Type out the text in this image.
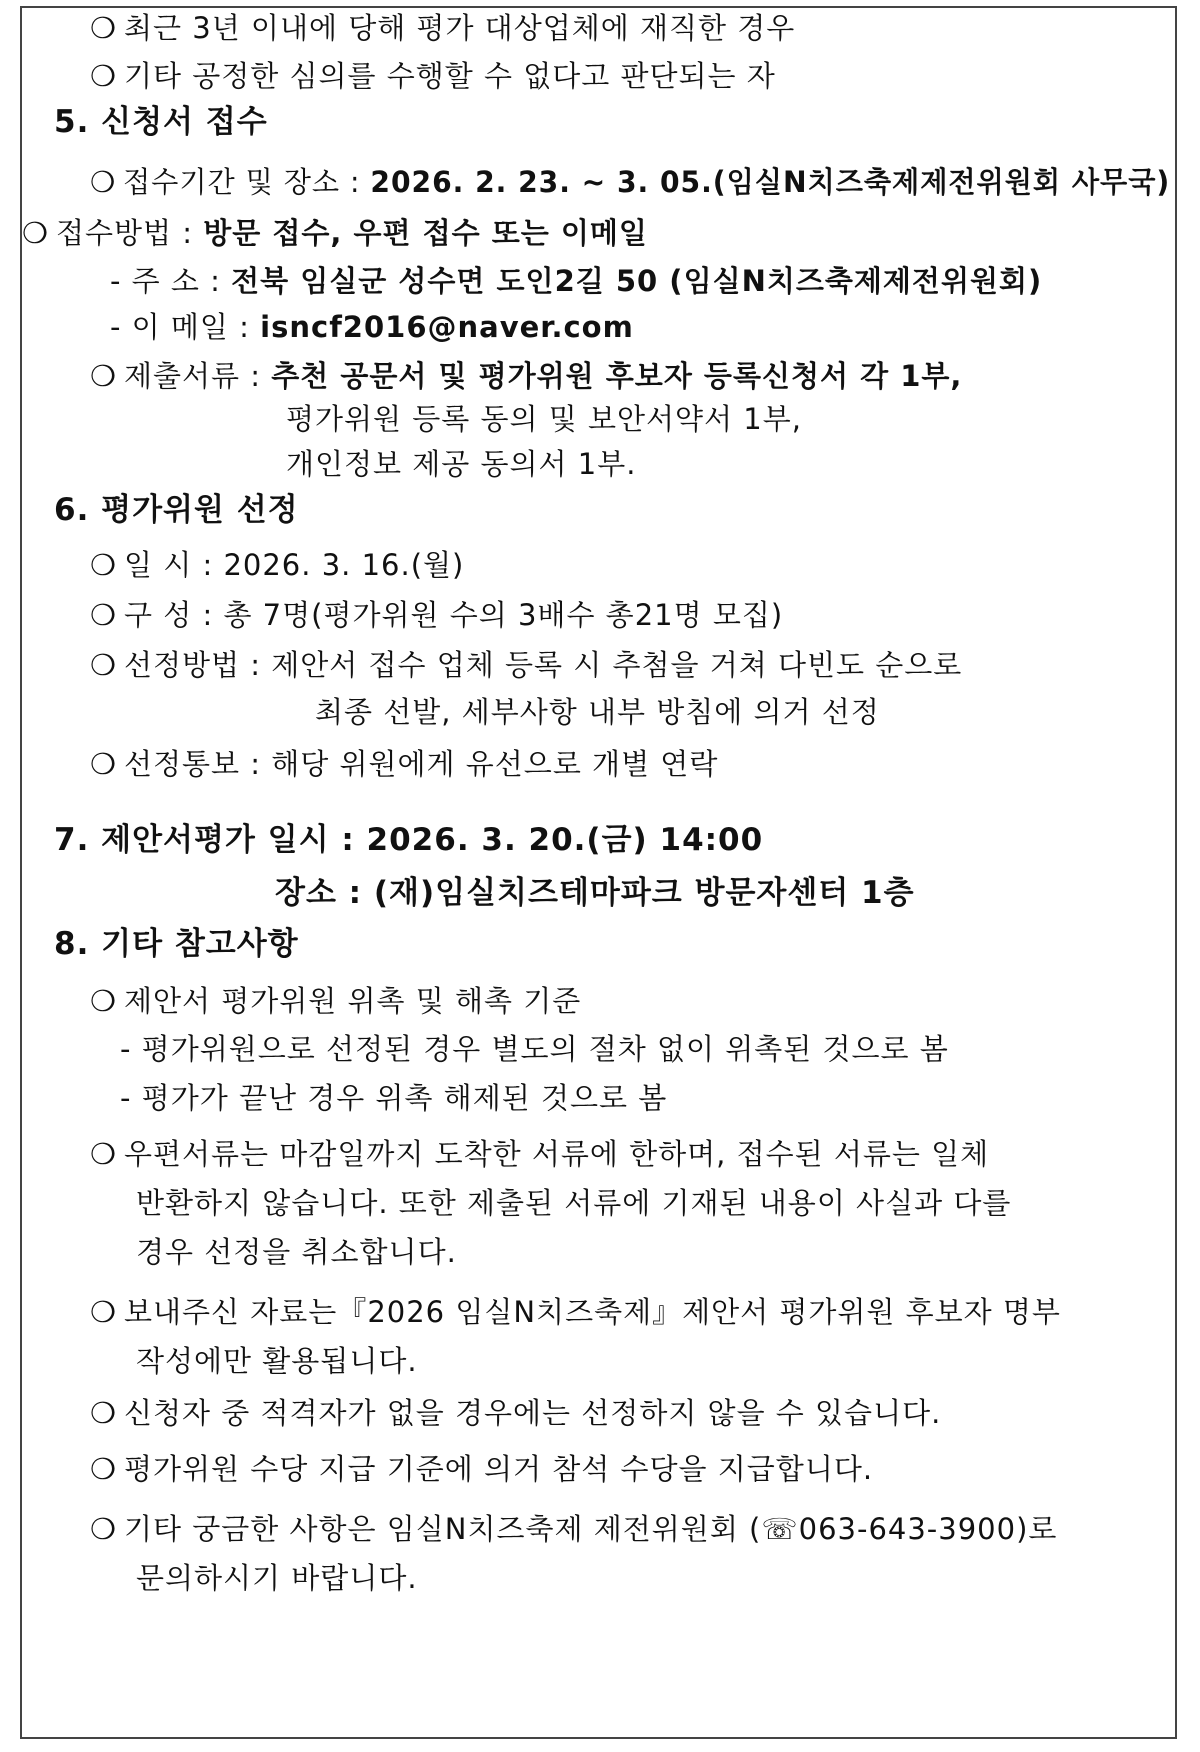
❍최근 3년 이내에 당해 평가 대상업체에 재직한 경우
❍기타 공정한 심의를 수행할 수 없다고 판단되는 자
5. 신청서 접수
❍접수기간 및 장소 : 2026. 2. 23. ~ 3. 05.(임실N치즈축제제전위원회 사무국)
❍접수방법 : 방문 접수, 우편 접수 또는 이메일
- 주 소 : 전북 임실군 성수면 도인2길 50 (임실N치즈축제제전위원회)
- 이 메일 : isncf2016@naver.com
❍제출서류 : 추천 공문서 및 평가위원 후보자 등록신청서 각 1부,
평가위원 등록 동의 및 보안서약서 1부,
개인정보 제공 동의서 1부.
6. 평가위원 선정
❍일 시 : 2026. 3. 16.(월)
❍구 성 : 총 7명(평가위원 수의 3배수 총21명 모집)
❍선정방법 : 제안서 접수 업체 등록 시 추첨을 거쳐 다빈도 순으로
최종 선발, 세부사항 내부 방침에 의거 선정
❍선정통보 : 해당 위원에게 유선으로 개별 연락
7. 제안서평가 일시 : 2026. 3. 20.(금) 14:00
장소 : (재)임실치즈테마파크 방문자센터 1층
8. 기타 참고사항
❍제안서 평가위원 위촉 및 해촉 기준
- 평가위원으로 선정된 경우 별도의 절차 없이 위촉된 것으로 봄
- 평가가 끝난 경우 위촉 해제된 것으로 봄
❍우편서류는 마감일까지 도착한 서류에 한하며, 접수된 서류는 일체
반환하지 않습니다. 또한 제출된 서류에 기재된 내용이 사실과 다를
경우 선정을 취소합니다.
❍보내주신 자료는『2026 임실N치즈축제』제안서 평가위원 후보자 명부
작성에만 활용됩니다.
❍신청자 중 적격자가 없을 경우에는 선정하지 않을 수 있습니다.
❍평가위원 수당 지급 기준에 의거 참석 수당을 지급합니다.
❍기타 궁금한 사항은 임실N치즈축제 제전위원회 (☏063-643-3900)로
문의하시기 바랍니다.
